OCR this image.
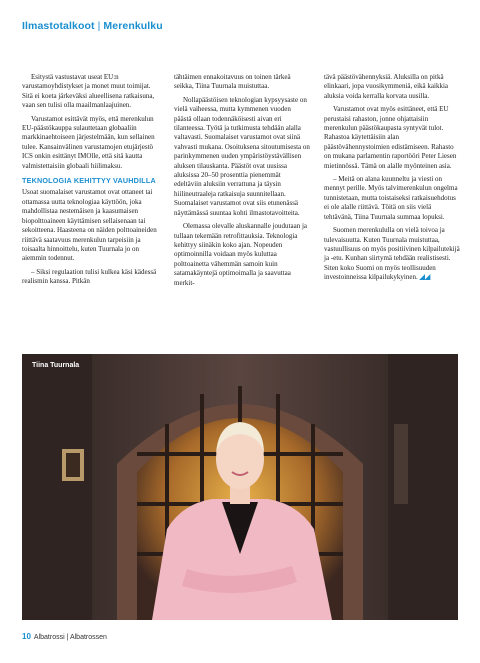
Ilmastotalkoot | Merenkulku

Esitystä vastustavat useat EU:n varustamoyhdistykset ja monet muut toimijat. Sitä ei koeta järkeväksi alueellisena ratkaisuna, vaan sen tulisi olla maailmanlaajuinen.

Varustamot esittävät myös, että merenkulun EU-päästökauppa sulauttetaan globaaliin markkinaehtoiseen järjestelmään, kun sellainen tulee. Kansainvälinen varustamojen etujärjestö ICS onkin esittänyt IMOlle, että sitä kautta valmistettaisiin globaali hiilimaksu.

TEKNOLOGIA KEHITTYY VAUHDILLA

Usoat suomalaiset varustamot ovat ottaneet tai ottamassa uutta teknologiaa käyttöön, joka mahdollistaa nestemäisen ja kaasumaisen biopolttoaineen käyttämisen sellaisenaan tai sekoitteena. Haasteena on näiden polttoaineiden riittävä saatavuus merenkulun tarpeisiin ja toisaalta hinnoittelu, kuten Tuurnala jo on aiemmin todennut.

– Siksi regulaation tulisi kulkea käsi kädessä realismin kanssa. Pitkän

tähtäimen ennakoitavuus on toinen tärkeä seikka, Tiina Tuurnala muistuttaa.

Nollapäästöisen teknologian kypsyysaste on vielä vaiheessa, mutta kymmenen vuoden päästä ollaan todennäköisesti aivan eri tilanteessa. Työtä ja tutkimusta tehdään alalla valtavasti. Suomalaiset varustamot ovat siinä vahvasti mukana. Osoituksena sitoutumisesta on parinkymmenen uuden ympäristöystävällisen aluksen tilauskanta. Päästöt ovat uusissa aluksissa 20–50 prosenttia pienemmät edeltäviin aluksiin verrattuna ja täysin hiilineutraaleja ratkaisuja suunnitellaan. Suomalaiset varustamot ovat siis etunenässä näyttämässä suuntaa kohti ilmastotavoitteita.

Olemassa olevalle aluskannalle joudutaan ja tullaan tekemään retrofittauksia. Teknologia kehittyy siinäkin koko ajan. Nopeuden optimoinnilla voidaan myös kuluttaa polttoainetta vähemmän samoin kuin satamakäyntejä optimoimalla ja saavuttaa merkit-

tävä päästövähennyksiä. Aluksilla on pitkä elinkaari, jopa vuosikymmeniä, eikä kaikkia aluksia voida kerralla korvata uusilla.

Varustamot ovat myös esittäneet, että EU perustaisi rahaston, jonne ohjattaisiin merenkulun päästökaupasta syntyvät tulot. Rahastoa käytettäisiin alan päästövähennystoimien edistämiseen. Rahasto on mukana parlamentin raportööri Peter Liesen mietinnössä. Tämä on alalle myönteinen asia.

– Meitä on alana kuunneltu ja viesti on mennyt perille. Myös talvimerenkulun ongelma tunnistetaan, mutta toistaiseksi ratkaisuehdotus ei ole alalle riittävä. Töitä on siis vielä tehtävänä, Tiina Tuurnala summaa lopuksi.

Suomen merenkululla on vielä toivoa ja tulevaisuutta. Kuten Tuurnala muistuttaa, vastuullisuus on myös positiivinen kilpailutekijä ja -etu. Kunhan siirtymä tehdään realistisesti. Siten koko Suomi on myös teollisuuden investoinneissa kilpailukykyinen. ◢◢

Tiina Tuurnala
10 Albatrossi | Albatrossen
